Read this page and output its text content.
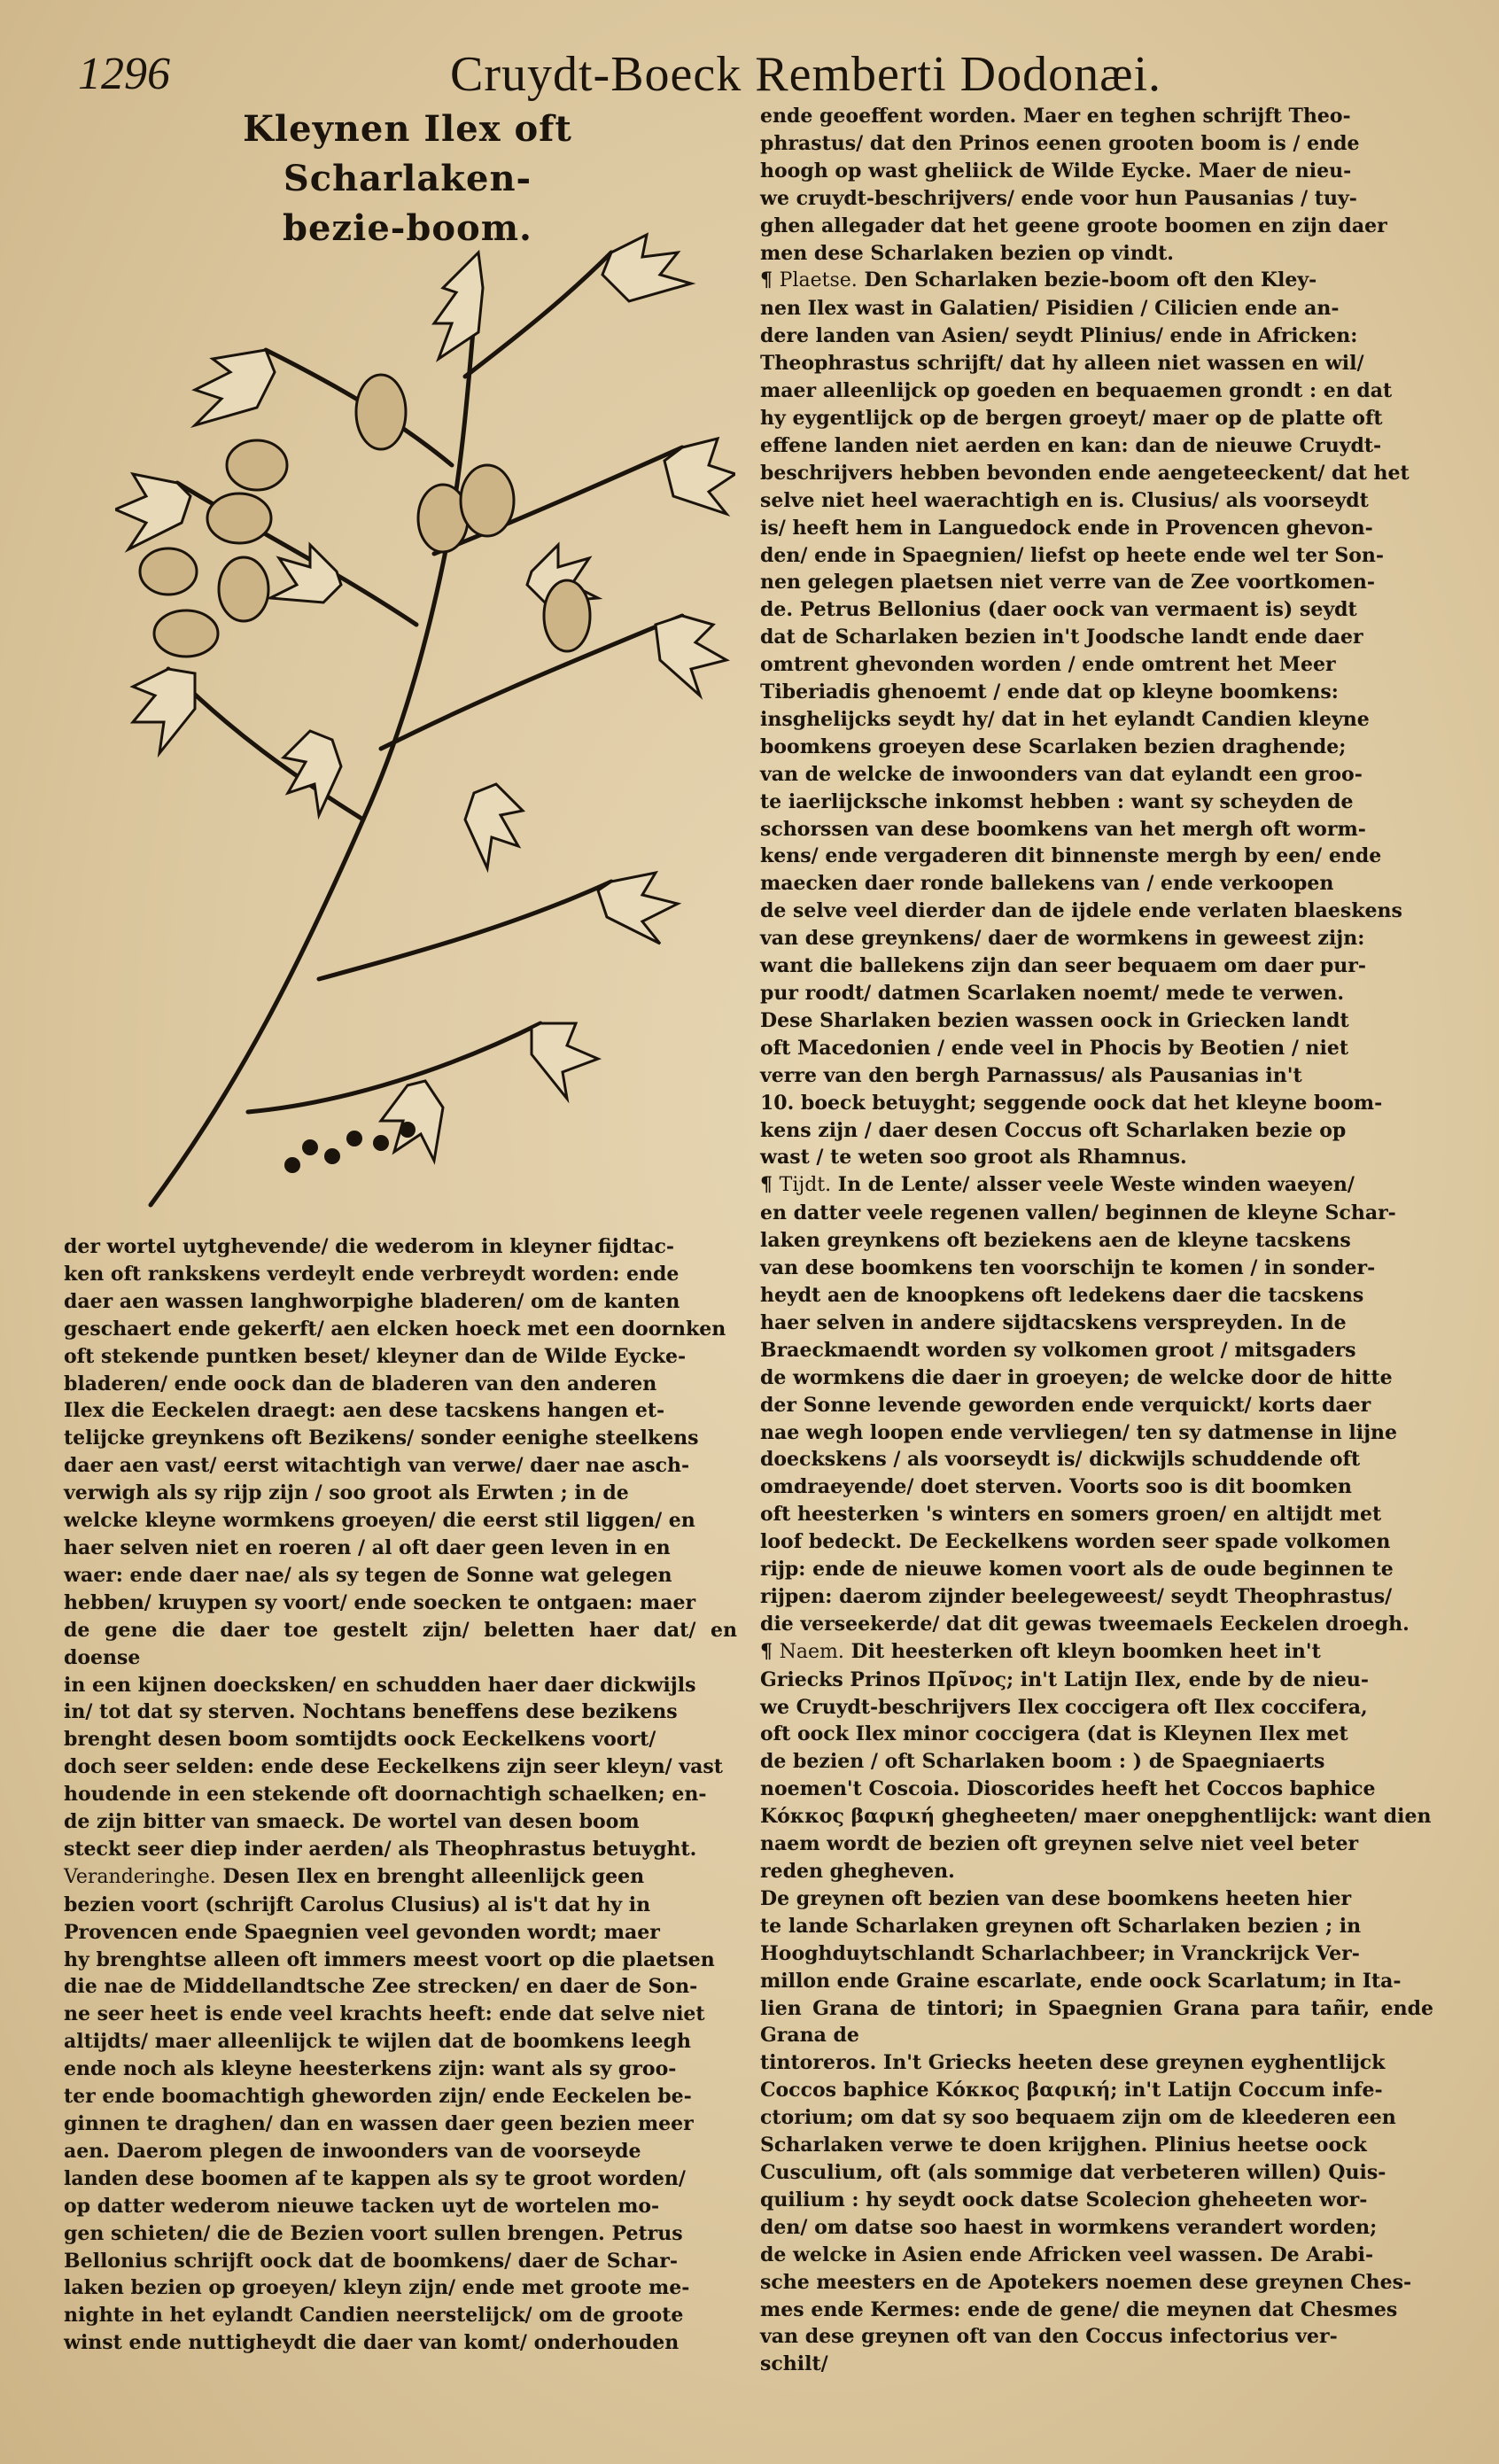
1296	Cruydt-Boeck Remberti Dodonæi.
Kleynen Ilex oft Scharlaken-
bezie-boom.

der wortel uytghevende/ die wederom in kleyner fijdtac-
ken oft rankskens verdeylt ende verbreydt worden: ende
daer aen wassen langhworpighe bladeren/ om de kanten
geschaert ende gekerft/ aen elcken hoeck met een doornken
oft stekende puntken beset/ kleyner dan de Wilde Eycke-
bladeren/ ende oock dan de bladeren van den anderen
Ilex die Eeckelen draegt: aen dese tacskens hangen et-
telijcke greynkens oft Bezikens/ sonder eenighe steelkens
daer aen vast/ eerst witachtigh van verwe/ daer nae asch-
verwigh als sy rijp zijn / soo groot als Erwten ; in de
welcke kleyne wormkens groeyen/ die eerst stil liggen/ en
haer selven niet en roeren / al oft daer geen leven in en
waer: ende daer nae/ als sy tegen de Sonne wat gelegen
hebben/ kruypen sy voort/ ende soecken te ontgaen: maer
de gene die daer toe gestelt zijn/ beletten haer dat/ en doense
in een kijnen doecksken/ en schudden haer daer dickwijls
in/ tot dat sy sterven. Nochtans beneffens dese bezikens
brenght desen boom somtijdts oock Eeckelkens voort/
doch seer selden: ende dese Eeckelkens zijn seer kleyn/ vast
houdende in een stekende oft doornachtigh schaelken; en-
de zijn bitter van smaeck. De wortel van desen boom
steckt seer diep inder aerden/ als Theophrastus betuyght.

Veranderinghe. Desen Ilex en brenght alleenlijck geen
bezien voort (schrijft Carolus Clusius) al is't dat hy in
Provencen ende Spaegnien veel gevonden wordt; maer
hy brenghtse alleen oft immers meest voort op die plaetsen
die nae de Middellandtsche Zee strecken/ en daer de Son-
ne seer heet is ende veel krachts heeft: ende dat selve niet
altijdts/ maer alleenlijck te wijlen dat de boomkens leegh
ende noch als kleyne heesterkens zijn: want als sy groo-
ter ende boomachtigh gheworden zijn/ ende Eeckelen be-
ginnen te draghen/ dan en wassen daer geen bezien meer
aen. Daerom plegen de inwoonders van de voorseyde
landen dese boomen af te kappen als sy te groot worden/
op datter wederom nieuwe tacken uyt de wortelen mo-
gen schieten/ die de Bezien voort sullen brengen. Petrus
Bellonius schrijft oock dat de boomkens/ daer de Schar-
laken bezien op groeyen/ kleyn zijn/ ende met groote me-
nighte in het eylandt Candien neerstelijck/ om de groote
winst ende nuttigheydt die daer van komt/ onderhouden

ende geoeffent worden. Maer en teghen schrijft Theo-
phrastus/ dat den Prinos eenen grooten boom is / ende
hoogh op wast gheliick de Wilde Eycke. Maer de nieu-
we cruydt-beschrijvers/ ende voor hun Pausanias / tuy-
ghen allegader dat het geene groote boomen en zijn daer
men dese Scharlaken bezien op vindt.

¶ Plaetse. Den Scharlaken bezie-boom oft den Kley-
nen Ilex wast in Galatien/ Pisidien / Cilicien ende an-
dere landen van Asien/ seydt Plinius/ ende in Africken:
Theophrastus schrijft/ dat hy alleen niet wassen en wil/
maer alleenlijck op goeden en bequaemen grondt : en dat
hy eygentlijck op de bergen groeyt/ maer op de platte oft
effene landen niet aerden en kan: dan de nieuwe Cruydt-
beschrijvers hebben bevonden ende aengeteeckent/ dat het
selve niet heel waerachtigh en is. Clusius/ als voorseydt
is/ heeft hem in Languedock ende in Provencen ghevon-
den/ ende in Spaegnien/ liefst op heete ende wel ter Son-
nen gelegen plaetsen niet verre van de Zee voortkomen-
de. Petrus Bellonius (daer oock van vermaent is) seydt
dat de Scharlaken bezien in't Joodsche landt ende daer
omtrent ghevonden worden / ende omtrent het Meer
Tiberiadis ghenoemt / ende dat op kleyne boomkens:
insghelijcks seydt hy/ dat in het eylandt Candien kleyne
boomkens groeyen dese Scarlaken bezien draghende;
van de welcke de inwoonders van dat eylandt een groo-
te iaerlijcksche inkomst hebben : want sy scheyden de
schorssen van dese boomkens van het mergh oft worm-
kens/ ende vergaderen dit binnenste mergh by een/ ende
maecken daer ronde ballekens van / ende verkoopen
de selve veel dierder dan de ijdele ende verlaten blaeskens
van dese greynkens/ daer de wormkens in geweest zijn:
want die ballekens zijn dan seer bequaem om daer pur-
pur roodt/ datmen Scarlaken noemt/ mede te verwen.
Dese Sharlaken bezien wassen oock in Griecken landt
oft Macedonien / ende veel in Phocis by Beotien / niet
verre van den bergh Parnassus/ als Pausanias in't
10. boeck betuyght; seggende oock dat het kleyne boom-
kens zijn / daer desen Coccus oft Scharlaken bezie op
wast / te weten soo groot als Rhamnus.

¶ Tijdt. In de Lente/ alsser veele Weste winden waeyen/
en datter veele regenen vallen/ beginnen de kleyne Schar-
laken greynkens oft beziekens aen de kleyne tacskens
van dese boomkens ten voorschijn te komen / in sonder-
heydt aen de knoopkens oft ledekens daer die tacskens
haer selven in andere sijdtacskens verspreyden. In de
Braeckmaendt worden sy volkomen groot / mitsgaders
de wormkens die daer in groeyen; de welcke door de hitte
der Sonne levende geworden ende verquickt/ korts daer
nae wegh loopen ende vervliegen/ ten sy datmense in lijne
doeckskens / als voorseydt is/ dickwijls schuddende oft
omdraeyende/ doet sterven. Voorts soo is dit boomken
oft heesterken 's winters en somers groen/ en altijdt met
loof bedeckt. De Eeckelkens worden seer spade volkomen
rijp: ende de nieuwe komen voort als de oude beginnen te
rijpen: daerom zijnder beelegeweest/ seydt Theophrastus/
die verseekerde/ dat dit gewas tweemaels Eeckelen droegh.

¶ Naem. Dit heesterken oft kleyn boomken heet in't
Griecks Prinos Πρῖνος; in't Latijn Ilex, ende by de nieu-
we Cruydt-beschrijvers Ilex coccigera oft Ilex coccifera,
oft oock Ilex minor coccigera (dat is Kleynen Ilex met
de bezien / oft Scharlaken boom : ) de Spaegniaerts
noemen't Coscoia. Dioscorides heeft het Coccos baphice
Κόκκος βαφική ghegheeten/ maer onepghentlijck: want dien
naem wordt de bezien oft greynen selve niet veel beter
reden ghegheven.

De greynen oft bezien van dese boomkens heeten hier
te lande Scharlaken greynen oft Scharlaken bezien ; in
Hooghduytschlandt Scharlachbeer; in Vranckrijck Ver-
millon ende Graine escarlate, ende oock Scarlatum; in Ita-
lien Grana de tintori; in Spaegnien Grana para tañir, ende Grana de
tintoreros. In't Griecks heeten dese greynen eyghentlijck
Coccos baphice Κόκκος βαφική; in't Latijn Coccum infe-
ctorium; om dat sy soo bequaem zijn om de kleederen een
Scharlaken verwe te doen krijghen. Plinius heetse oock
Cusculium, oft (als sommige dat verbeteren willen) Quis-
quilium : hy seydt oock datse Scolecion gheheeten wor-
den/ om datse soo haest in wormkens verandert worden;
de welcke in Asien ende Africken veel wassen. De Arabi-
sche meesters en de Apotekers noemen dese greynen Ches-
mes ende Kermes: ende de gene/ die meynen dat Chesmes
van dese greynen oft van den Coccus infectorius ver-
schilt/
